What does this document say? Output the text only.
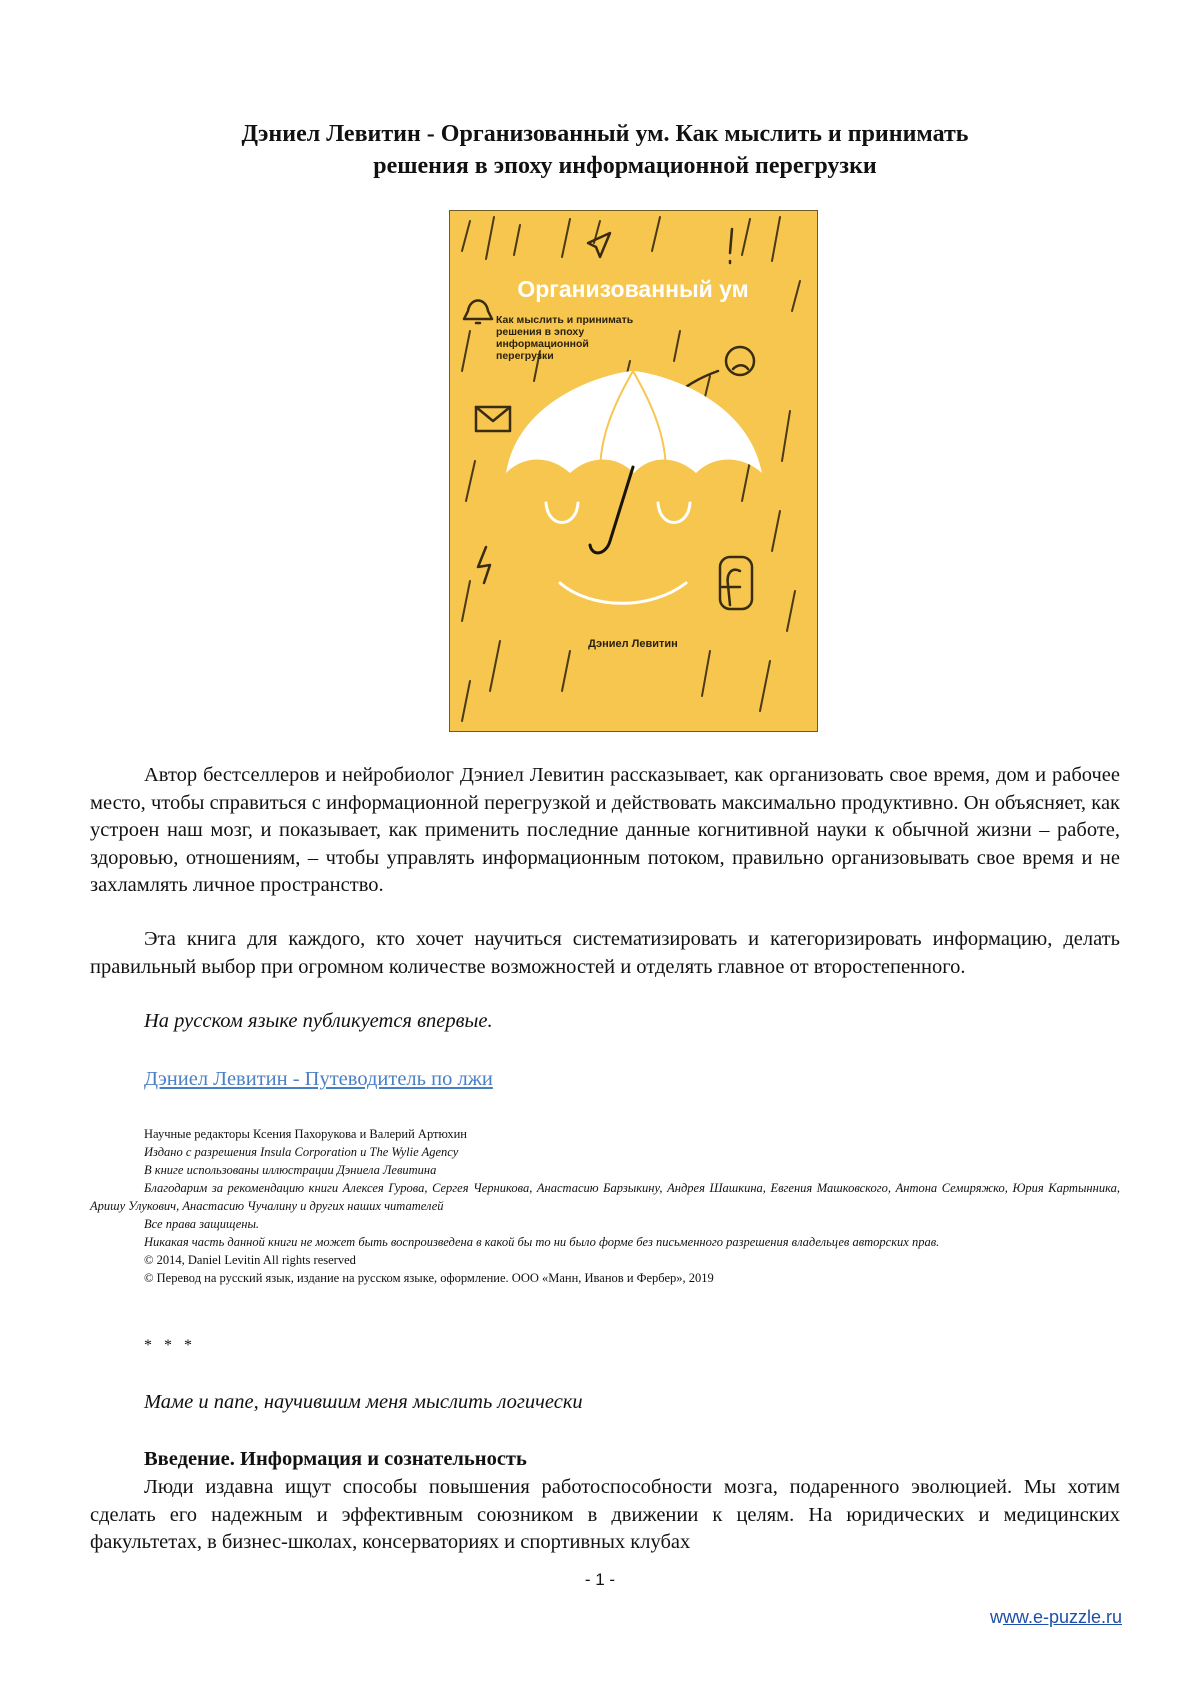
Дэниел Левитин - Организованный ум. Как мыслить и принимать
решения в эпоху информационной перегрузки
Организованный ум
Как мыслить и принимать
решения в эпоху
информационной
перегрузки
Дэниел Левитин
Автор бестселлеров и нейробиолог Дэниел Левитин рассказывает, как организовать свое время, дом и рабочее место, чтобы справиться с информационной перегрузкой и действовать максимально продуктивно. Он объясняет, как устроен наш мозг, и показывает, как применить последние данные когнитивной науки к обычной жизни – работе, здоровью, отношениям, – чтобы управлять информационным потоком, правильно организовывать свое время и не захламлять личное пространство.
Эта книга для каждого, кто хочет научиться систематизировать и категоризировать информацию, делать правильный выбор при огромном количестве возможностей и отделять главное от второстепенного.
На русском языке публикуется впервые.
Дэниел Левитин - Путеводитель по лжи
Научные редакторы Ксения Пахорукова и Валерий Артюхин
Издано с разрешения Insula Corporation и The Wylie Agency
В книге использованы иллюстрации Дэниела Левитина
Благодарим за рекомендацию книги Алексея Гурова, Сергея Черникова, Анастасию Барзыкину, Андрея Шашкина, Евгения Машковского, Антона Семиряжко, Юрия Картынника, Аришу Улукович, Анастасию Чучалину и других наших читателей
Все права защищены.
Никакая часть данной книги не может быть воспроизведена в какой бы то ни было форме без письменного разрешения владельцев авторских прав.
© 2014, Daniel Levitin All rights reserved
© Перевод на русский язык, издание на русском языке, оформление. ООО «Манн, Иванов и Фербер», 2019
* * *
Маме и папе, научившим меня мыслить логически
Введение. Информация и сознательность
Люди издавна ищут способы повышения работоспособности мозга, подаренного эволюцией. Мы хотим сделать его надежным и эффективным союзником в движении к целям. На юридических и медицинских факультетах, в бизнес-школах, консерваториях и спортивных клубах
- 1 -
www.e-puzzle.ru
